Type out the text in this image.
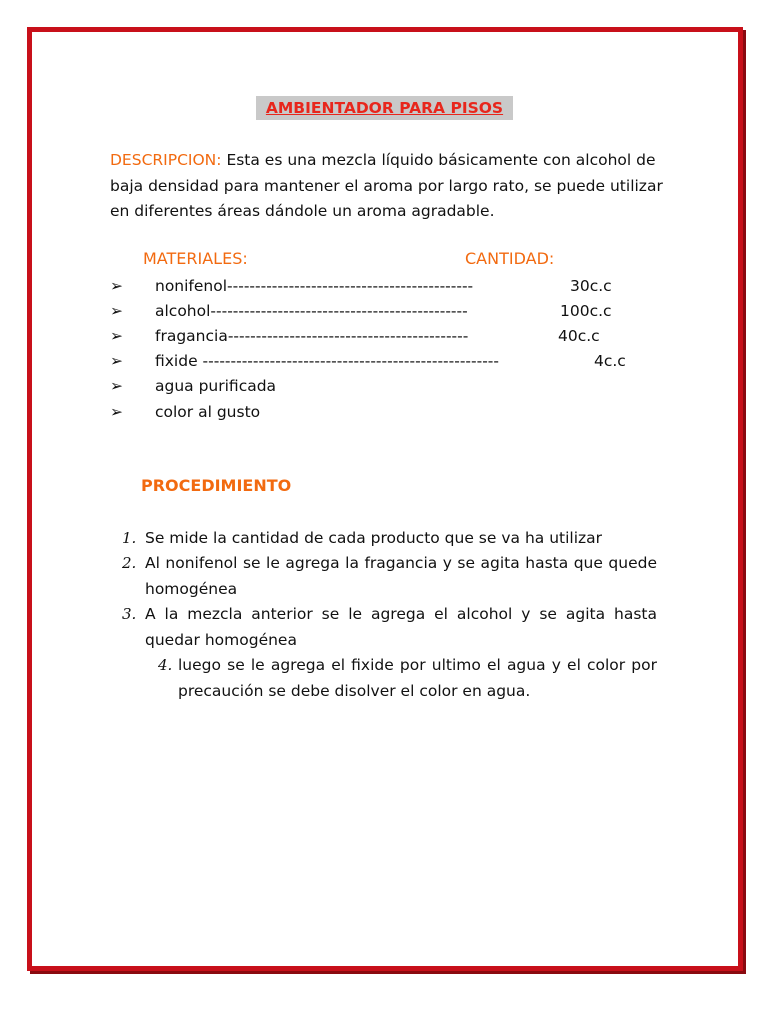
AMBIENTADOR PARA PISOS
DESCRIPCION: Esta es una mezcla líquido básicamente con alcohol de baja densidad para mantener el aroma por largo rato, se puede utilizar en diferentes áreas dándole un aroma agradable.
MATERIALES:	CANTIDAD:
➢ nonifenol--------------------------------------------	30c.c
➢ alcohol----------------------------------------------	100c.c
➢ fragancia-------------------------------------------	40c.c
➢ fixide -----------------------------------------------------	4c.c
➢ agua purificada
➢ color al gusto
PROCEDIMIENTO
1. Se mide la cantidad de cada producto que se va ha utilizar
2. Al nonifenol se le agrega la fragancia y se agita hasta que quede homogénea
3. A la mezcla anterior se le agrega el alcohol y se agita hasta quedar homogénea
4. luego se le agrega el fixide por ultimo el agua y el color por precaución se debe disolver el color en agua.
